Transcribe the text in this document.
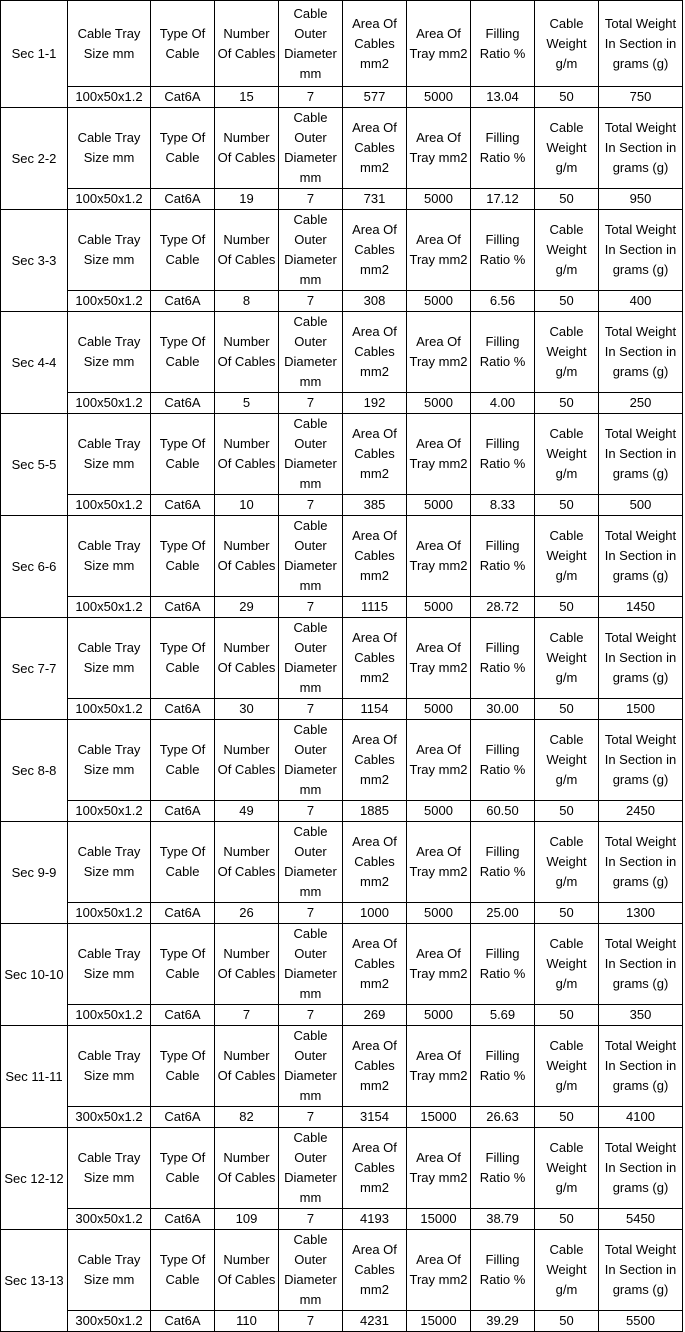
Sec 1-1	Cable Tray Size mm	Type Of Cable	Number Of Cables	Cable Outer Diameter mm	Area Of Cables mm2	Area Of Tray mm2	Filling Ratio %	Cable Weight g/m	Total Weight In Section in grams (g)
	100x50x1.2	Cat6A	15	7	577	5000	13.04	50	750
Sec 2-2	Cable Tray Size mm	Type Of Cable	Number Of Cables	Cable Outer Diameter mm	Area Of Cables mm2	Area Of Tray mm2	Filling Ratio %	Cable Weight g/m	Total Weight In Section in grams (g)
	100x50x1.2	Cat6A	19	7	731	5000	17.12	50	950
Sec 3-3	Cable Tray Size mm	Type Of Cable	Number Of Cables	Cable Outer Diameter mm	Area Of Cables mm2	Area Of Tray mm2	Filling Ratio %	Cable Weight g/m	Total Weight In Section in grams (g)
	100x50x1.2	Cat6A	8	7	308	5000	6.56	50	400
Sec 4-4	Cable Tray Size mm	Type Of Cable	Number Of Cables	Cable Outer Diameter mm	Area Of Cables mm2	Area Of Tray mm2	Filling Ratio %	Cable Weight g/m	Total Weight In Section in grams (g)
	100x50x1.2	Cat6A	5	7	192	5000	4.00	50	250
Sec 5-5	Cable Tray Size mm	Type Of Cable	Number Of Cables	Cable Outer Diameter mm	Area Of Cables mm2	Area Of Tray mm2	Filling Ratio %	Cable Weight g/m	Total Weight In Section in grams (g)
	100x50x1.2	Cat6A	10	7	385	5000	8.33	50	500
Sec 6-6	Cable Tray Size mm	Type Of Cable	Number Of Cables	Cable Outer Diameter mm	Area Of Cables mm2	Area Of Tray mm2	Filling Ratio %	Cable Weight g/m	Total Weight In Section in grams (g)
	100x50x1.2	Cat6A	29	7	1115	5000	28.72	50	1450
Sec 7-7	Cable Tray Size mm	Type Of Cable	Number Of Cables	Cable Outer Diameter mm	Area Of Cables mm2	Area Of Tray mm2	Filling Ratio %	Cable Weight g/m	Total Weight In Section in grams (g)
	100x50x1.2	Cat6A	30	7	1154	5000	30.00	50	1500
Sec 8-8	Cable Tray Size mm	Type Of Cable	Number Of Cables	Cable Outer Diameter mm	Area Of Cables mm2	Area Of Tray mm2	Filling Ratio %	Cable Weight g/m	Total Weight In Section in grams (g)
	100x50x1.2	Cat6A	49	7	1885	5000	60.50	50	2450
Sec 9-9	Cable Tray Size mm	Type Of Cable	Number Of Cables	Cable Outer Diameter mm	Area Of Cables mm2	Area Of Tray mm2	Filling Ratio %	Cable Weight g/m	Total Weight In Section in grams (g)
	100x50x1.2	Cat6A	26	7	1000	5000	25.00	50	1300
Sec 10-10	Cable Tray Size mm	Type Of Cable	Number Of Cables	Cable Outer Diameter mm	Area Of Cables mm2	Area Of Tray mm2	Filling Ratio %	Cable Weight g/m	Total Weight In Section in grams (g)
	100x50x1.2	Cat6A	7	7	269	5000	5.69	50	350
Sec 11-11	Cable Tray Size mm	Type Of Cable	Number Of Cables	Cable Outer Diameter mm	Area Of Cables mm2	Area Of Tray mm2	Filling Ratio %	Cable Weight g/m	Total Weight In Section in grams (g)
	300x50x1.2	Cat6A	82	7	3154	15000	26.63	50	4100
Sec 12-12	Cable Tray Size mm	Type Of Cable	Number Of Cables	Cable Outer Diameter mm	Area Of Cables mm2	Area Of Tray mm2	Filling Ratio %	Cable Weight g/m	Total Weight In Section in grams (g)
	300x50x1.2	Cat6A	109	7	4193	15000	38.79	50	5450
Sec 13-13	Cable Tray Size mm	Type Of Cable	Number Of Cables	Cable Outer Diameter mm	Area Of Cables mm2	Area Of Tray mm2	Filling Ratio %	Cable Weight g/m	Total Weight In Section in grams (g)
	300x50x1.2	Cat6A	110	7	4231	15000	39.29	50	5500
